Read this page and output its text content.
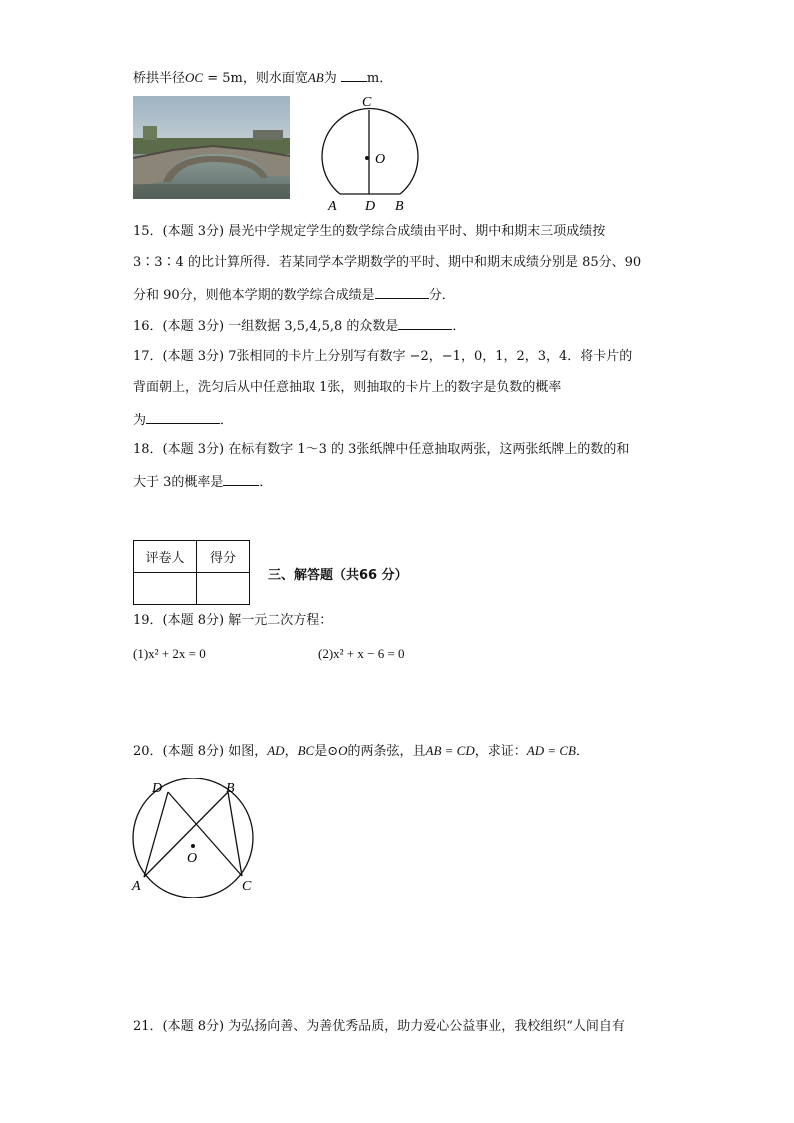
桥拱半径OC = 5m，则水面宽AB为 m．
C
O
A D B
15．(本题 3分) 晨光中学规定学生的数学综合成绩由平时、期中和期末三项成绩按
3∶3∶4 的比计算所得．若某同学本学期数学的平时、期中和期末成绩分别是 85分、90
分和 90分，则他本学期的数学综合成绩是	分．
16．(本题 3分) 一组数据 3,5,4,5,8 的众数是	．
17．(本题 3分) 7张相同的卡片上分别写有数字 −2，−1，0，1，2，3，4．将卡片的
背面朝上，洗匀后从中任意抽取 1张，则抽取的卡片上的数字是负数的概率
为	．
18．(本题 3分) 在标有数字 1～3 的 3张纸牌中任意抽取两张，这两张纸牌上的数的和
大于 3的概率是	．
评卷人	得分

三、解答题（共66 分）
19．(本题 8分) 解一元二次方程：
(1)x² + 2x = 0	(2)x² + x − 6 = 0
20．(本题 8分) 如图，AD，BC是⊙O的两条弦，且AB = CD，求证：AD = CB．
D	B
O
A	C
21．(本题 8分) 为弘扬向善、为善优秀品质，助力爱心公益事业，我校组织“人间自有
